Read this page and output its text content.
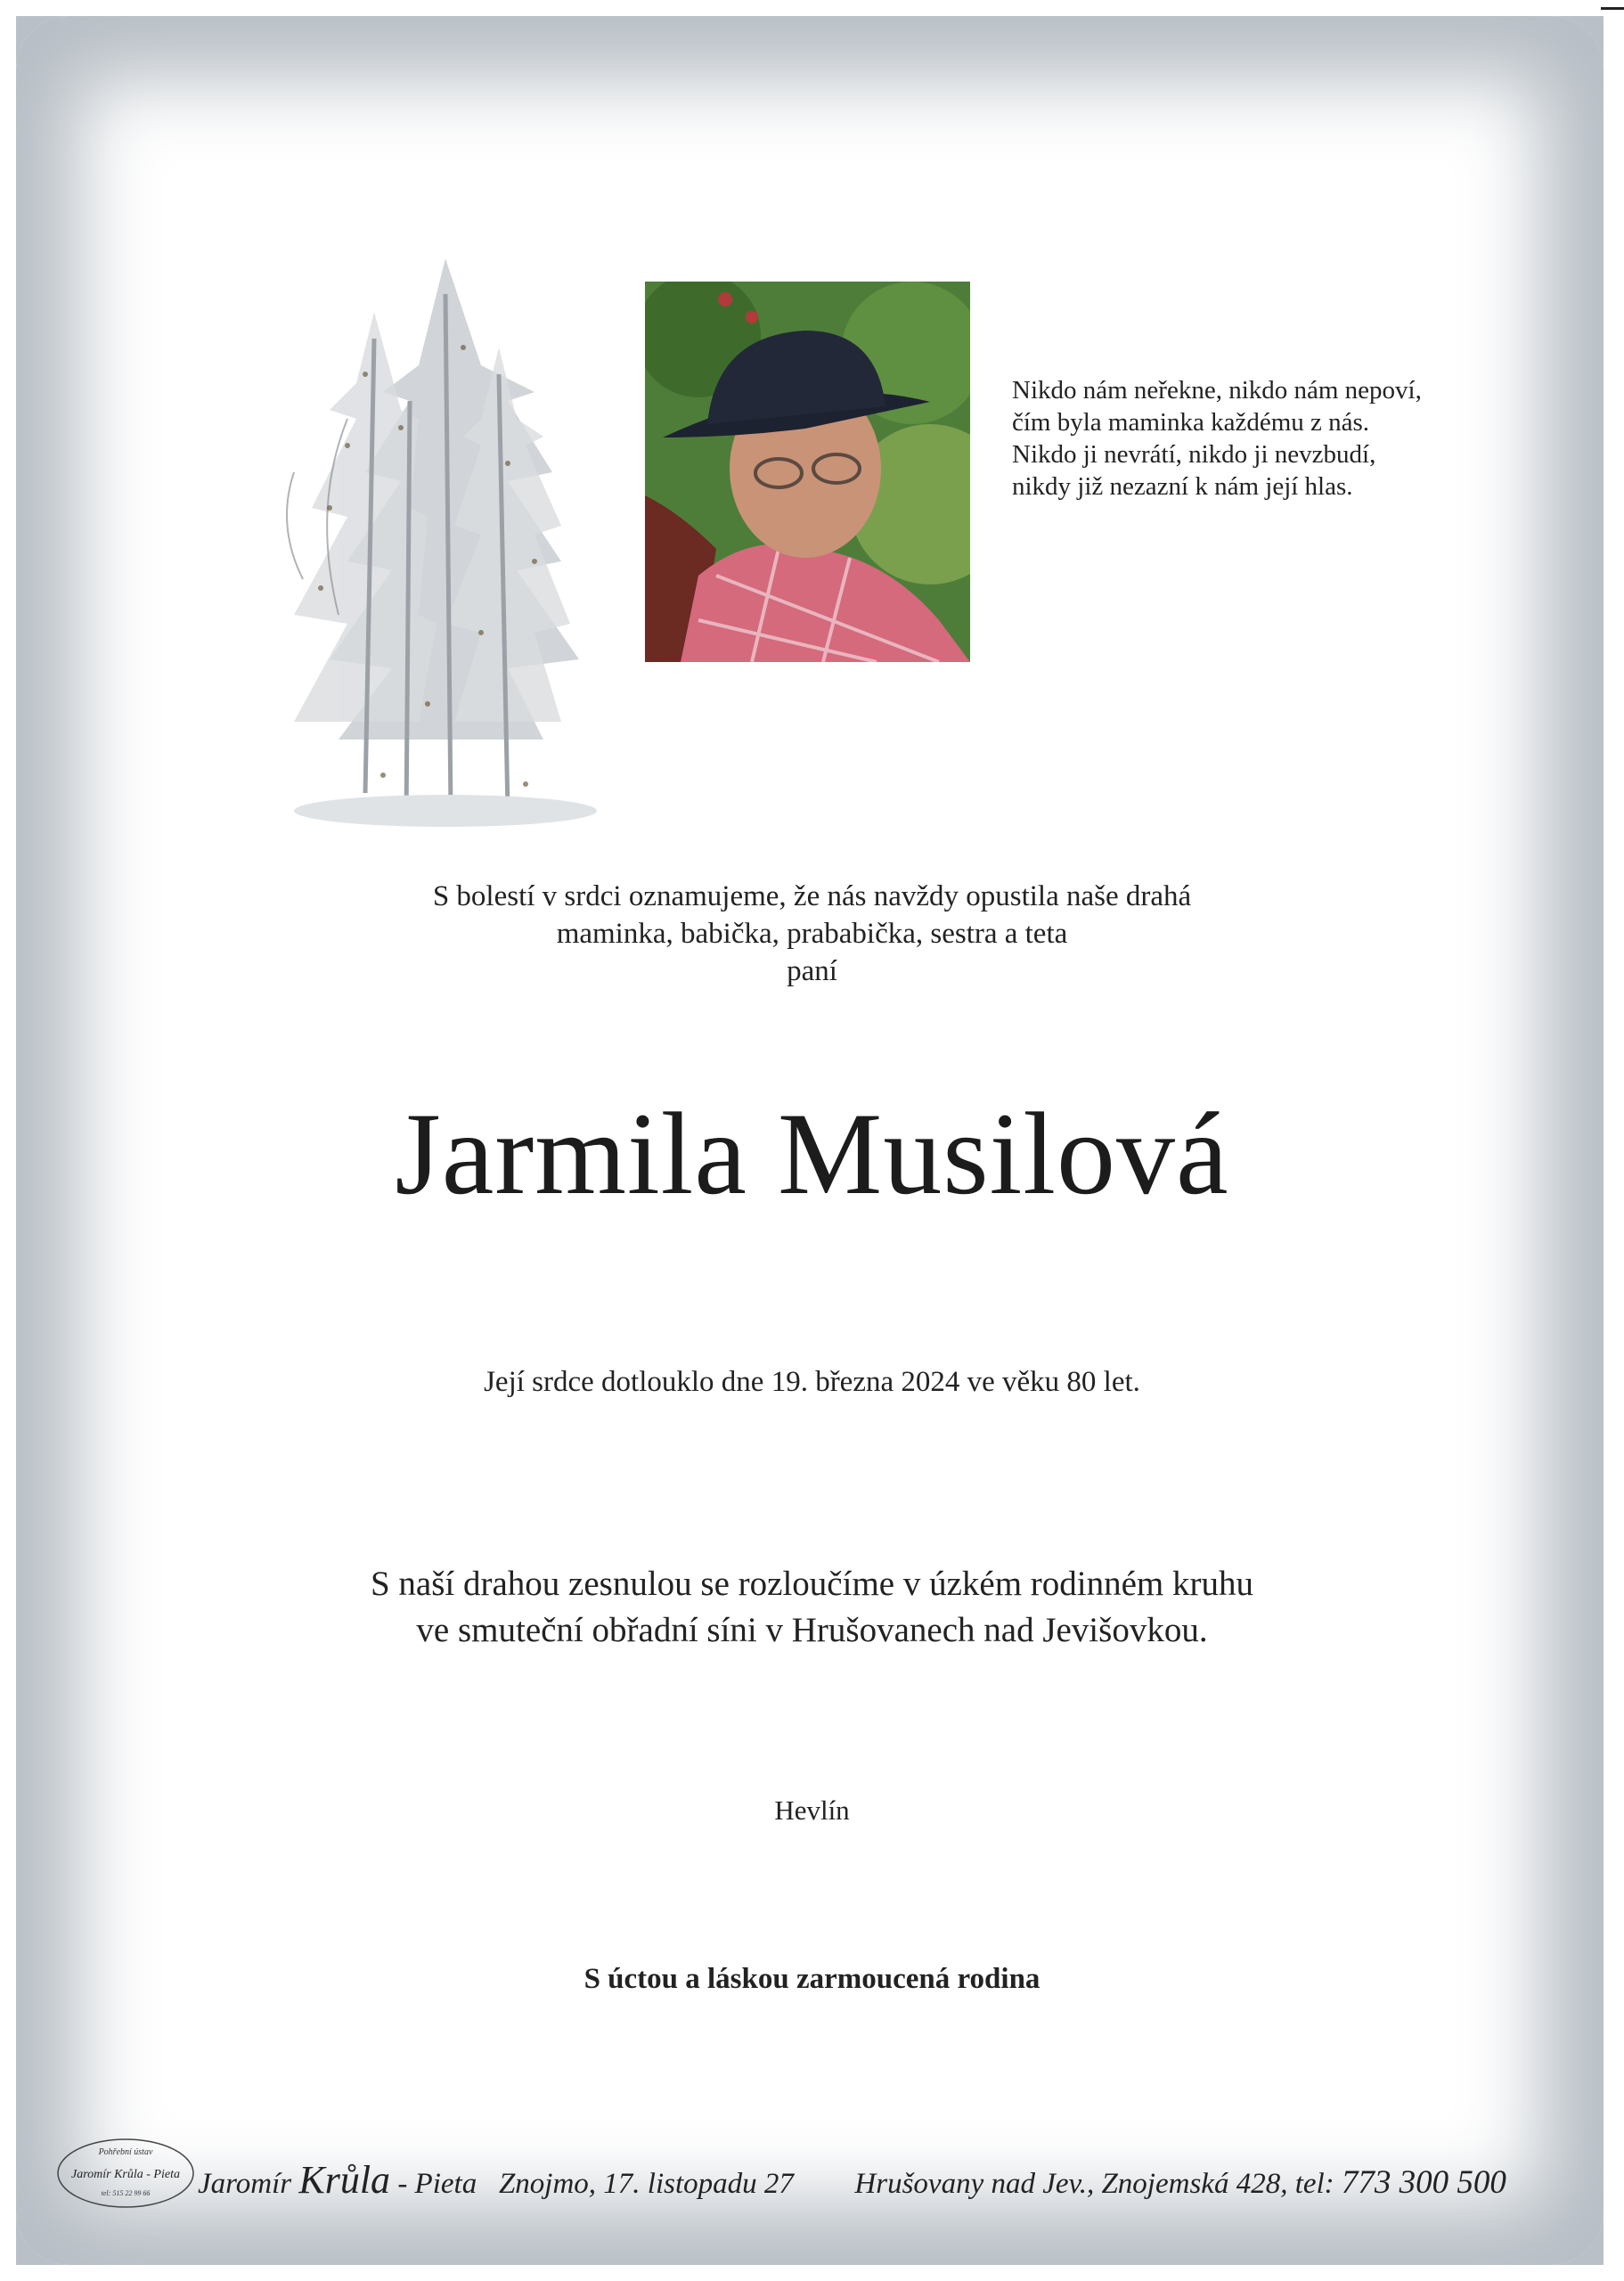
Nikdo nám neřekne, nikdo nám nepoví,
čím byla maminka každému z nás.
Nikdo ji nevrátí, nikdo ji nevzbudí,
nikdy již nezazní k nám její hlas.
S bolestí v srdci oznamujeme, že nás navždy opustila naše drahá
maminka, babička, prababička, sestra a teta
paní
Jarmila Musilová
Její srdce dotlouklo dne 19. března 2024 ve věku 80 let.
S naší drahou zesnulou se rozloučíme v úzkém rodinném kruhu
ve smuteční obřadní síni v Hrušovanech nad Jevišovkou.
Hevlín
S úctou a láskou zarmoucená rodina
Pohřební ústav
Jaromír Krůla - Pieta
tel: 515 22 99 66 Jaromír Krůla - Pieta Znojmo, 17. listopadu 27 Hrušovany nad Jev., Znojemská 428, tel: 773 300 500
